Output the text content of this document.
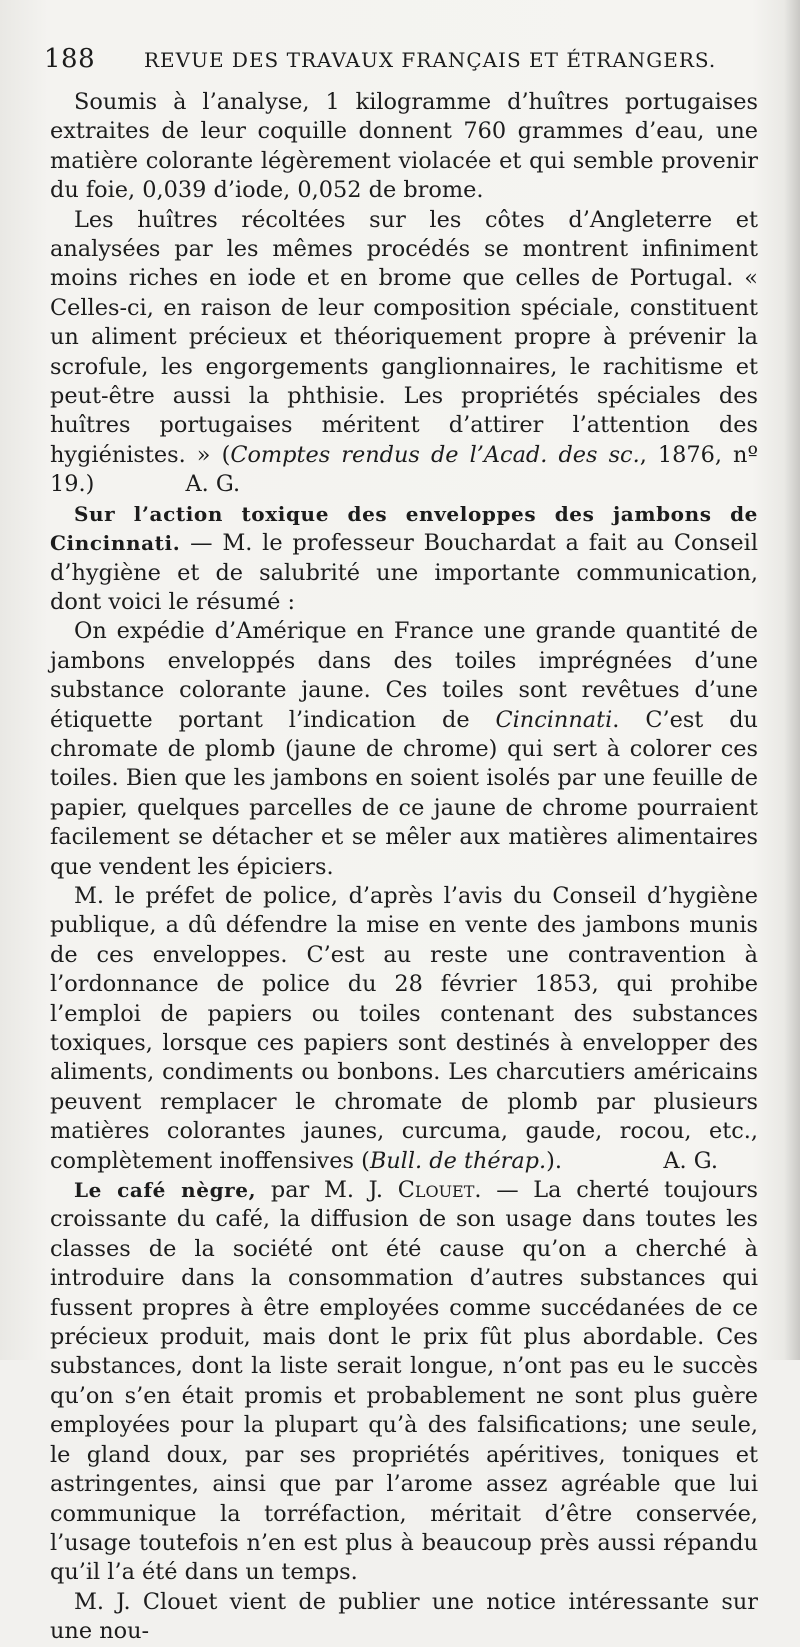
188 REVUE DES TRAVAUX FRANÇAIS ET ÉTRANGERS.

Soumis à l’analyse, 1 kilogramme d’huîtres portugaises extraites de leur coquille donnent 760 grammes d’eau, une matière colorante légèrement violacée et qui semble provenir du foie, 0,039 d’iode, 0,052 de brome.

Les huîtres récoltées sur les côtes d’Angleterre et analysées par les mêmes procédés se montrent infiniment moins riches en iode et en brome que celles de Portugal. « Celles-ci, en raison de leur composition spéciale, constituent un aliment précieux et théoriquement propre à prévenir la scrofule, les engorgements ganglionnaires, le rachitisme et peut-être aussi la phthisie. Les propriétés spéciales des huîtres portugaises méritent d’attirer l’attention des hygiénistes. » (Comptes rendus de l’Acad. des sc., 1876, nº 19.)	A. G.

Sur l’action toxique des enveloppes des jambons de Cincinnati. — M. le professeur Bouchardat a fait au Conseil d’hygiène et de salubrité une importante communication, dont voici le résumé :

On expédie d’Amérique en France une grande quantité de jambons enveloppés dans des toiles imprégnées d’une substance colorante jaune. Ces toiles sont revêtues d’une étiquette portant l’indication de Cincinnati. C’est du chromate de plomb (jaune de chrome) qui sert à colorer ces toiles. Bien que les jambons en soient isolés par une feuille de papier, quelques parcelles de ce jaune de chrome pourraient facilement se détacher et se mêler aux matières alimentaires que vendent les épiciers.

M. le préfet de police, d’après l’avis du Conseil d’hygiène publique, a dû défendre la mise en vente des jambons munis de ces enveloppes. C’est au reste une contravention à l’ordonnance de police du 28 février 1853, qui prohibe l’emploi de papiers ou toiles contenant des substances toxiques, lorsque ces papiers sont destinés à envelopper des aliments, condiments ou bonbons. Les charcutiers américains peuvent remplacer le chromate de plomb par plusieurs matières colorantes jaunes, curcuma, gaude, rocou, etc., complètement inoffensives (Bull. de thérap.).	A. G.

Le café nègre, par M. J. Clouet. — La cherté toujours croissante du café, la diffusion de son usage dans toutes les classes de la société ont été cause qu’on a cherché à introduire dans la consommation d’autres substances qui fussent propres à être employées comme succédanées de ce précieux produit, mais dont le prix fût plus abordable. Ces substances, dont la liste serait longue, n’ont pas eu le succès qu’on s’en était promis et probablement ne sont plus guère employées pour la plupart qu’à des falsifications; une seule, le gland doux, par ses propriétés apéritives, toniques et astringentes, ainsi que par l’arome assez agréable que lui communique la torréfaction, méritait d’être conservée, l’usage toutefois n’en est plus à beaucoup près aussi répandu qu’il l’a été dans un temps.

M. J. Clouet vient de publier une notice intéressante sur une nou-
